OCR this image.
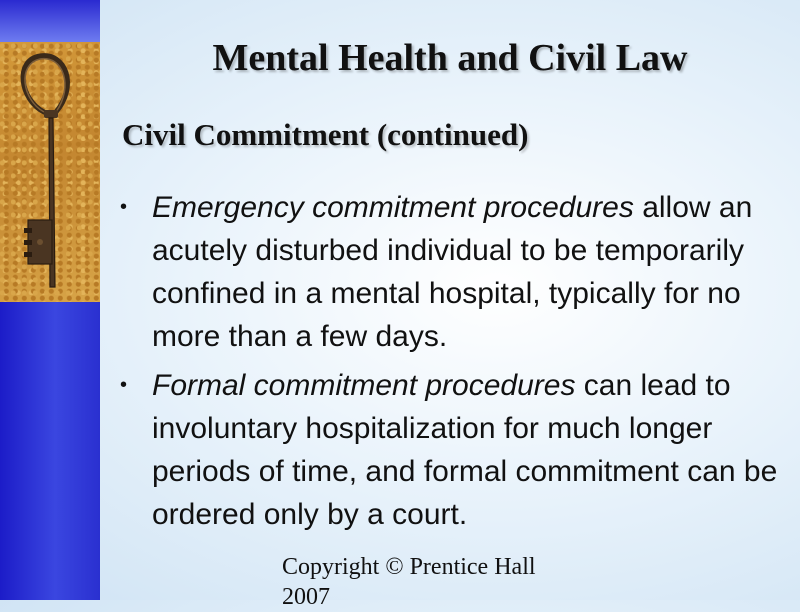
Mental Health and Civil Law
Civil Commitment (continued)
• Emergency commitment procedures allow an acutely disturbed individual to be temporarily confined in a mental hospital, typically for no more than a few days.
• Formal commitment procedures can lead to involuntary hospitalization for much longer periods of time, and formal commitment can be ordered only by a court.
Copyright © Prentice Hall 2007
